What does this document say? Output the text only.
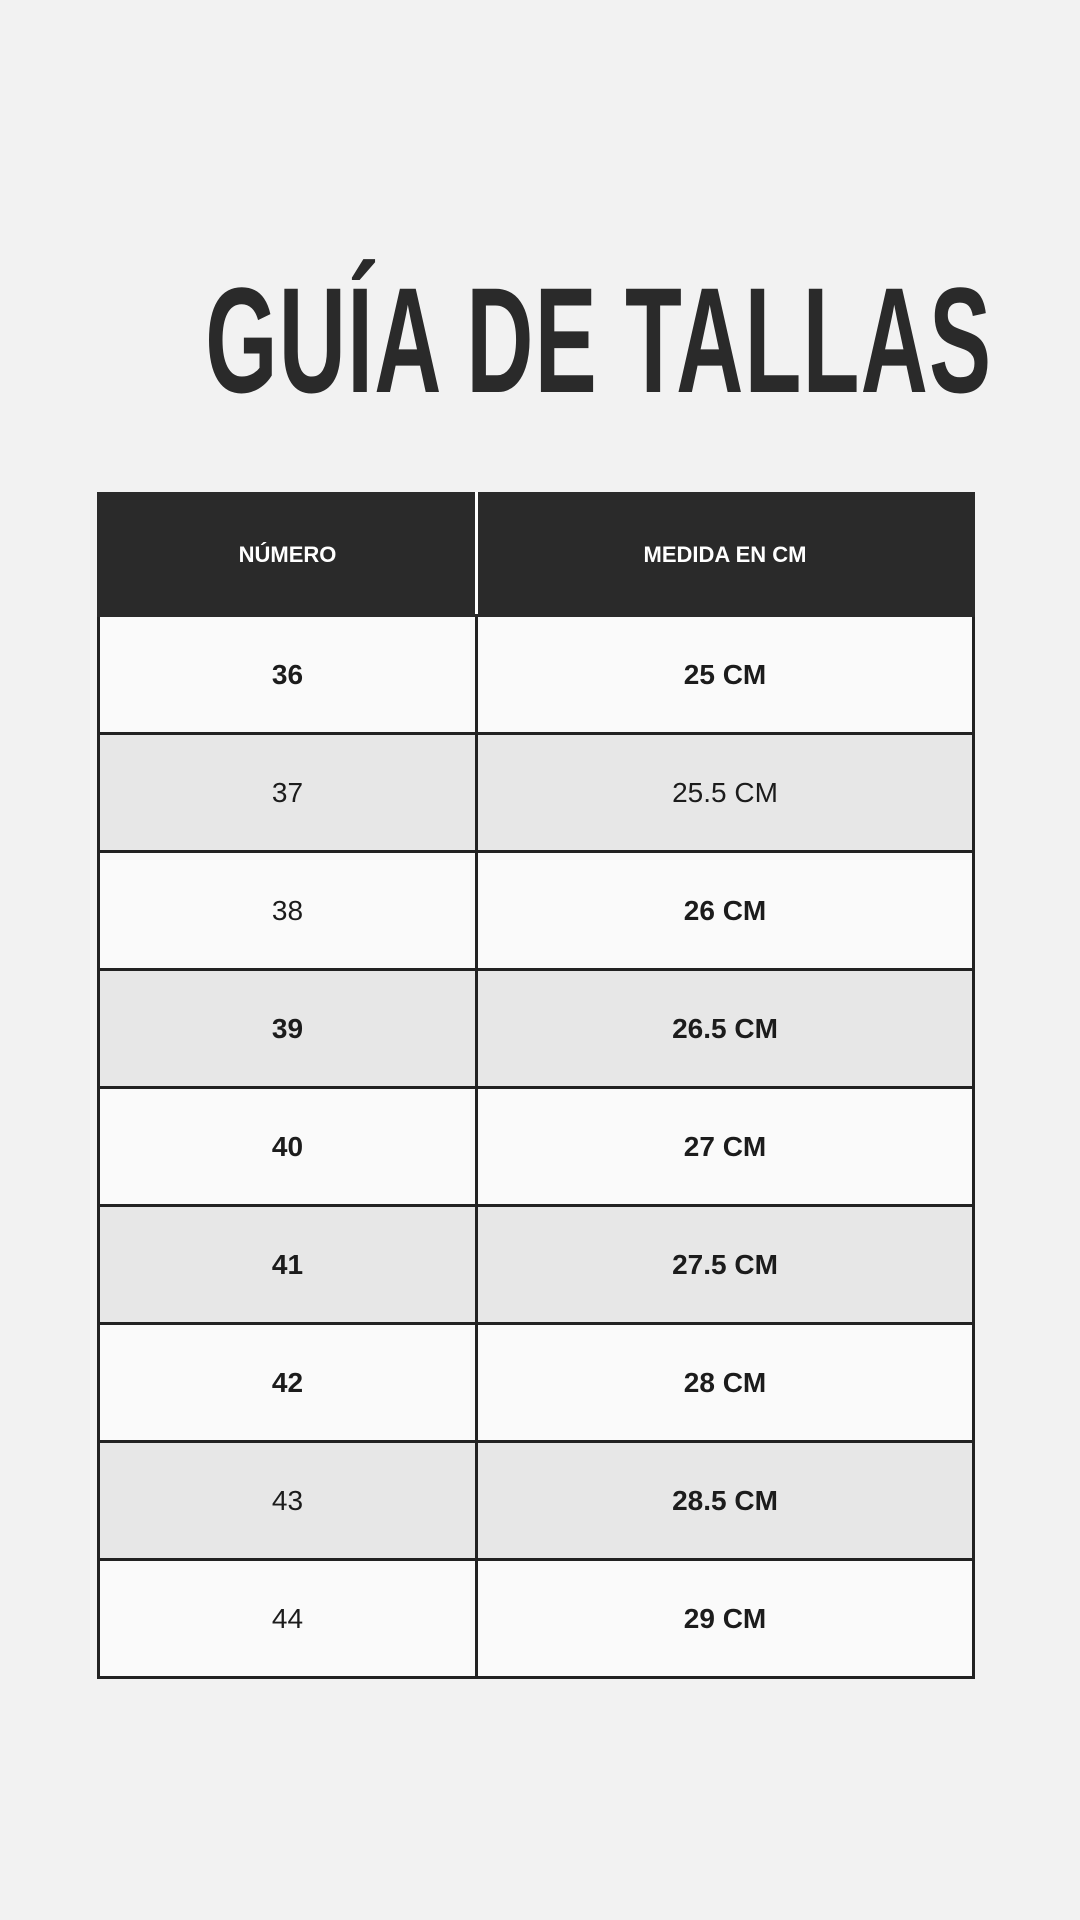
GUÍA DE TALLAS
NÚMERO	MEDIDA EN CM
36	25 CM
37	25.5 CM
38	26 CM
39	26.5 CM
40	27 CM
41	27.5 CM
42	28 CM
43	28.5 CM
44	29 CM
